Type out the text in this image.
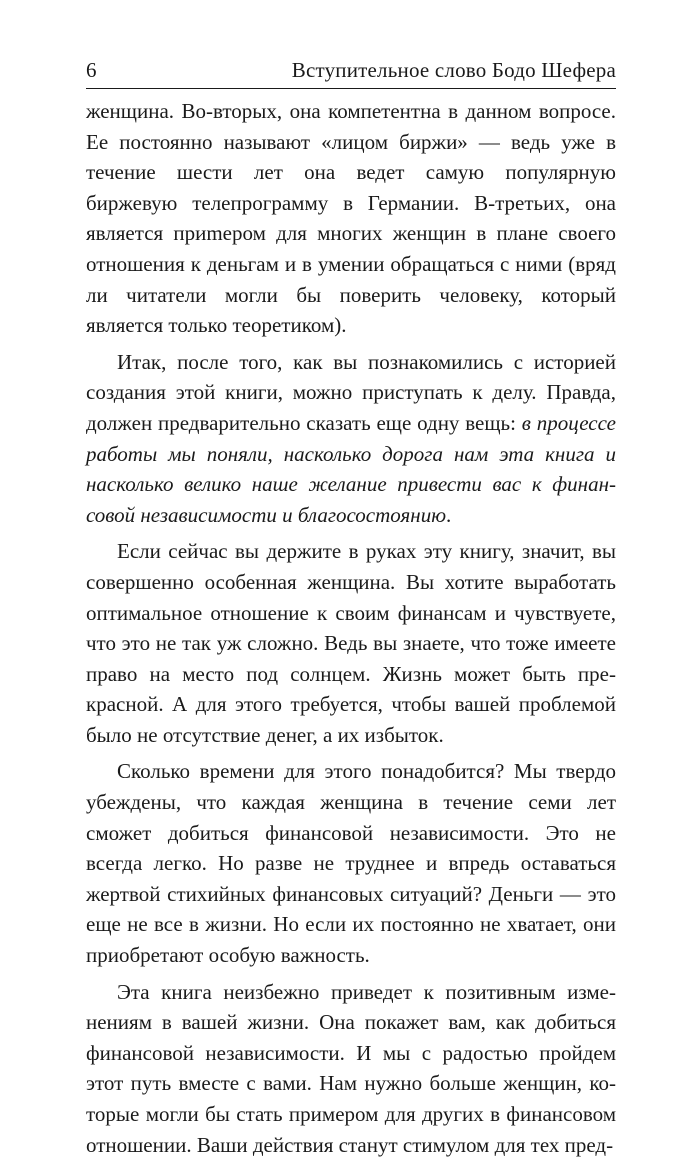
6	Вступительное слово Бодо Шефера

женщина. Во-вторых, она компетентна в данном вопросе. Ее постоянно называют «лицом биржи» — ведь уже в течение шести лет она ведет самую популярную биржевую телепрограмму в Германии. В-третьих, она является приmером для многих женщин в плане своего отношения к деньгам и в умении обращаться с ними (вряд ли читатели могли бы поверить человеку, который является только теоретиком).

Итак, после того, как вы познакомились с историей создания этой книги, можно приступать к делу. Правда, должен предварительно сказать еще одну вещь: в процессе работы мы поняли, насколько дорога нам эта книга и насколько велико наше желание привести вас к финансовой независимости и благосостоянию.

Если сейчас вы держите в руках эту книгу, значит, вы совершенно особенная женщина. Вы хотите выработать оптимальное отношение к своим финансам и чувствуете, что это не так уж сложно. Ведь вы знаете, что тоже имеете право на место под солнцем. Жизнь может быть прекрасной. А для этого требуется, чтобы вашей проблемой было не отсутствие денег, а их избыток.

Сколько времени для этого понадобится? Мы твердо убеждены, что каждая женщина в течение семи лет сможет добиться финансовой независимости. Это не всегда легко. Но разве не труднее и впредь оставаться жертвой стихийных финансовых ситуаций? Деньги — это еще не все в жизни. Но если их постоянно не хватает, они приобретают особую важность.

Эта книга неизбежно приведет к позитивным изменениям в вашей жизни. Она покажет вам, как добиться финансовой независимости. И мы с радостью пройдем этот путь вместе с вами. Нам нужно больше женщин, которые могли бы стать примером для других в финансовом отношении. Ваши действия станут стимулом для тех пред-
